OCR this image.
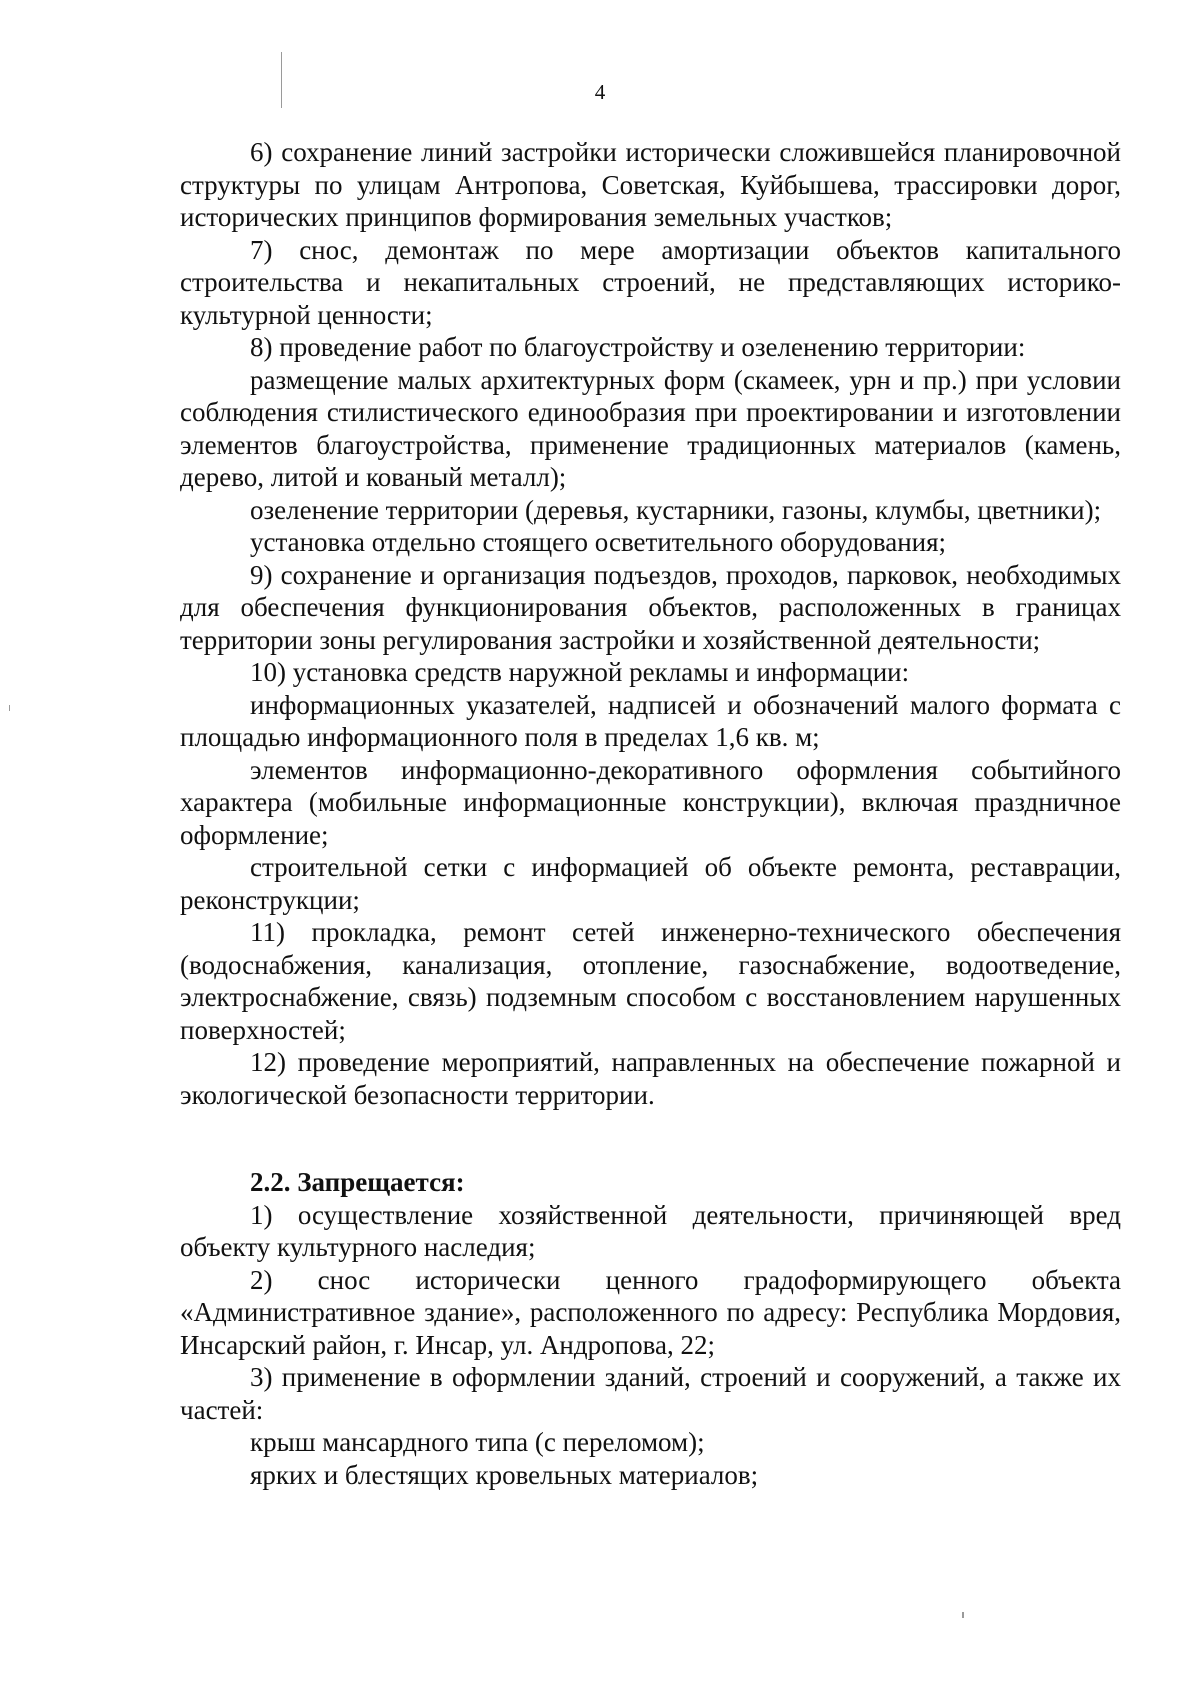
4

6) сохранение линий застройки исторически сложившейся планировочной структуры по улицам Антропова, Советская, Куйбышева, трассировки дорог, исторических принципов формирования земельных участков;

7) снос, демонтаж по мере амортизации объектов капитального строительства и некапитальных строений, не представляющих историко-культурной ценности;

8) проведение работ по благоустройству и озеленению территории:

размещение малых архитектурных форм (скамеек, урн и пр.) при условии соблюдения стилистического единообразия при проектировании и изготовлении элементов благоустройства, применение традиционных материалов (камень, дерево, литой и кованый металл);

озеленение территории (деревья, кустарники, газоны, клумбы, цветники);

установка отдельно стоящего осветительного оборудования;

9) сохранение и организация подъездов, проходов, парковок, необходимых для обеспечения функционирования объектов, расположенных в границах территории зоны регулирования застройки и хозяйственной деятельности;

10) установка средств наружной рекламы и информации:

информационных указателей, надписей и обозначений малого формата с площадью информационного поля в пределах 1,6 кв. м;

элементов информационно-декоративного оформления событийного характера (мобильные информационные конструкции), включая праздничное оформление;

строительной сетки с информацией об объекте ремонта, реставрации, реконструкции;

11) прокладка, ремонт сетей инженерно-технического обеспечения (водоснабжения, канализация, отопление, газоснабжение, водоотведение, электроснабжение, связь) подземным способом с восстановлением нарушенных поверхностей;

12) проведение мероприятий, направленных на обеспечение пожарной и экологической безопасности территории.

2.2. Запрещается:

1) осуществление хозяйственной деятельности, причиняющей вред объекту культурного наследия;

2) снос исторически ценного градоформирующего объекта «Административное здание», расположенного по адресу: Республика Мордовия, Инсарский район, г. Инсар, ул. Андропова, 22;

3) применение в оформлении зданий, строений и сооружений, а также их частей:

крыш мансардного типа (с переломом);

ярких и блестящих кровельных материалов;
